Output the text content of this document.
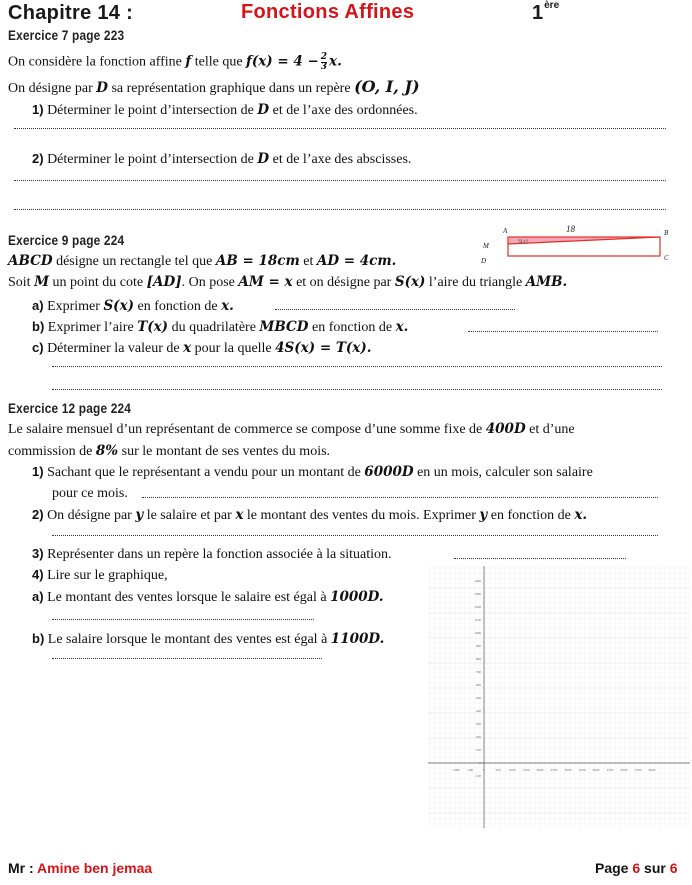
Chapitre 14 :	Fonctions Affines	1ère
Exercice 7 page 223
On considère la fonction affine f telle que $f(x) = 4 - \frac{2}{3} x$.
On désigne par D sa représentation graphique dans un repère (O, I, J)
1) Déterminer le point d’intersection de D et de l’axe des ordonnées.
2) Déterminer le point d’intersection de D et de l’axe des abscisses.
Exercice 9 page 224
ABCD désigne un rectangle tel que AB = 18cm et AD = 4cm.
A	B
C
D
M
18
S(x)
Soit M un point du cote [AD]. On pose AM = x et on désigne par S(x) l’aire du triangle AMB.
a) Exprimer S(x) en fonction de x.
b) Exprimer l’aire T(x) du quadrilatère MBCD en fonction de x.
c) Déterminer la valeur de x pour la quelle 4S(x) = T(x).
Exercice 12 page 224
Le salaire mensuel d’un représentant de commerce se compose d’une somme fixe de 400D et d’une
commission de 8% sur le montant de ses ventes du mois.
1) Sachant que le représentant a vendu pour un montant de 6000D en un mois, calculer son salaire
pour ce mois.
2) On désigne par y le salaire et par x le montant des ventes du mois. Exprimer y en fonction de x.
3) Représenter dans un repère la fonction associée à la situation.
4) Lire sur le graphique,
a) Le montant des ventes lorsque le salaire est égal à 1000D.
b) Le salaire lorsque le montant des ventes est égal à 1100D.
-1000 -500	0	500 1000 1500 2000 2500 3000 3500 4000 4500 5000 5500 6000
1400
1300
1200
1100
1000
900
800
700
600
500
400
300
200
100
0
-100
Mr : Amine ben jemaa	Page 6 sur 6
